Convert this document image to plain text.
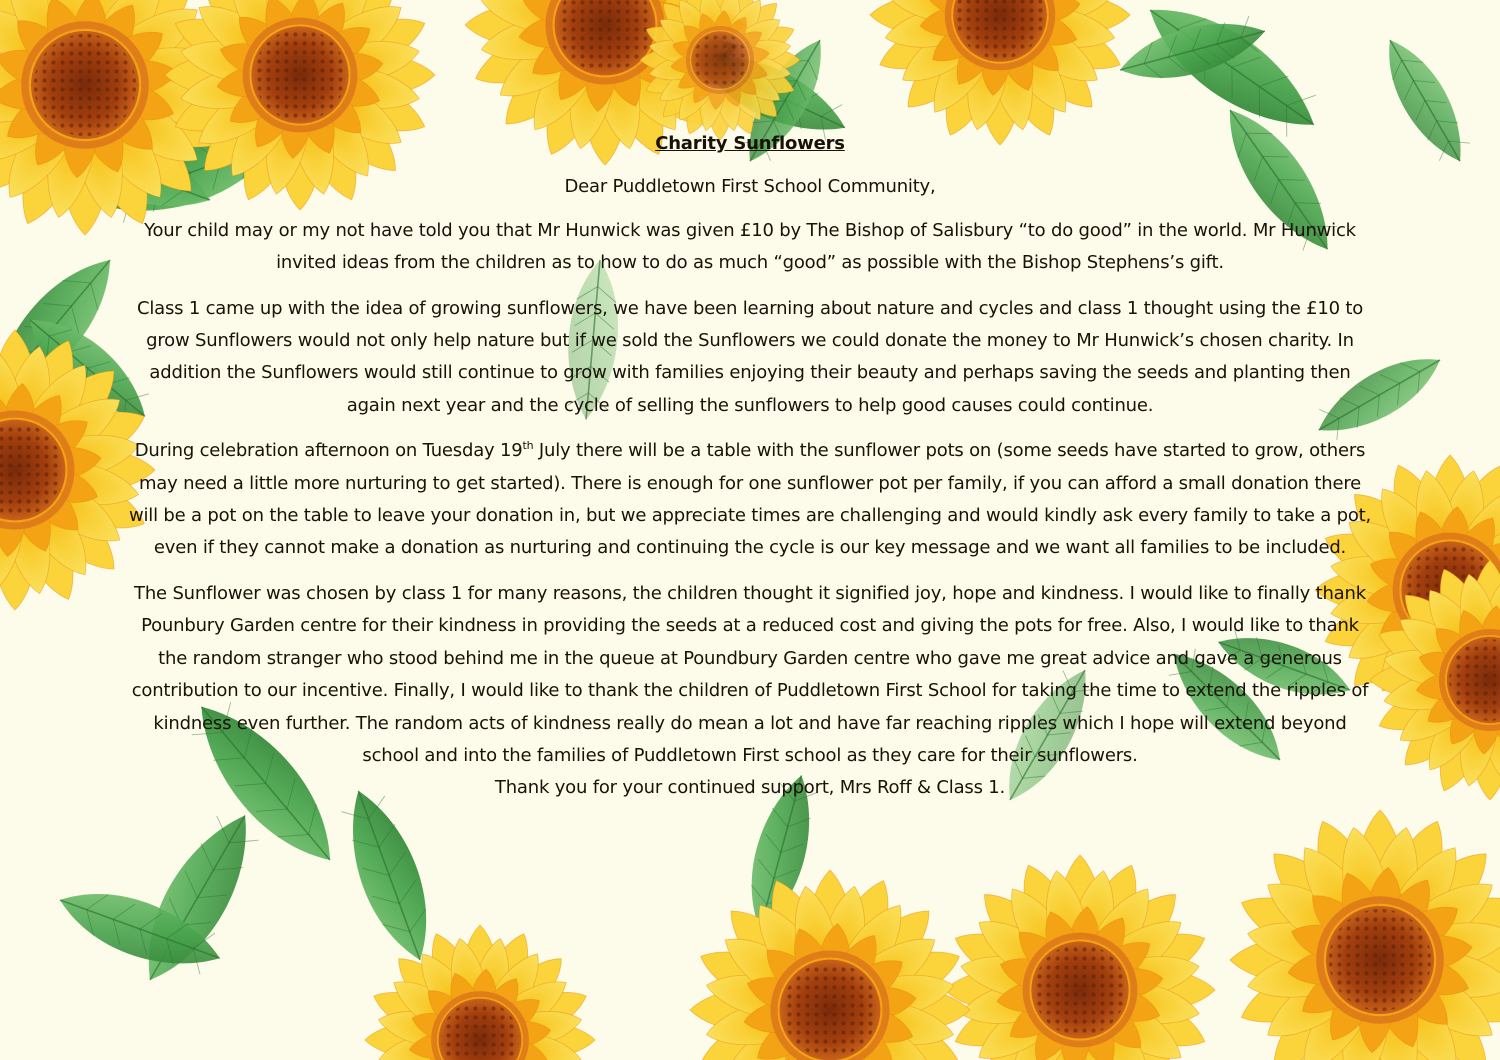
Charity Sunflowers

Dear Puddletown First School Community,

Your child may or my not have told you that Mr Hunwick was given £10 by The Bishop of Salisbury “to do good” in the world. Mr Hunwick invited ideas from the children as to how to do as much “good” as possible with the Bishop Stephens’s gift.

Class 1 came up with the idea of growing sunflowers, we have been learning about nature and cycles and class 1 thought using the £10 to grow Sunflowers would not only help nature but if we sold the Sunflowers we could donate the money to Mr Hunwick’s chosen charity. In addition the Sunflowers would still continue to grow with families enjoying their beauty and perhaps saving the seeds and planting then again next year and the cycle of selling the sunflowers to help good causes could continue.

During celebration afternoon on Tuesday 19th July there will be a table with the sunflower pots on (some seeds have started to grow, others may need a little more nurturing to get started). There is enough for one sunflower pot per family, if you can afford a small donation there will be a pot on the table to leave your donation in, but we appreciate times are challenging and would kindly ask every family to take a pot, even if they cannot make a donation as nurturing and continuing the cycle is our key message and we want all families to be included.

The Sunflower was chosen by class 1 for many reasons, the children thought it signified joy, hope and kindness. I would like to finally thank Pounbury Garden centre for their kindness in providing the seeds at a reduced cost and giving the pots for free. Also, I would like to thank the random stranger who stood behind me in the queue at Poundbury Garden centre who gave me great advice and gave a generous contribution to our incentive. Finally, I would like to thank the children of Puddletown First School for taking the time to extend the ripples of kindness even further. The random acts of kindness really do mean a lot and have far reaching ripples which I hope will extend beyond school and into the families of Puddletown First school as they care for their sunflowers.

Thank you for your continued support, Mrs Roff & Class 1.
